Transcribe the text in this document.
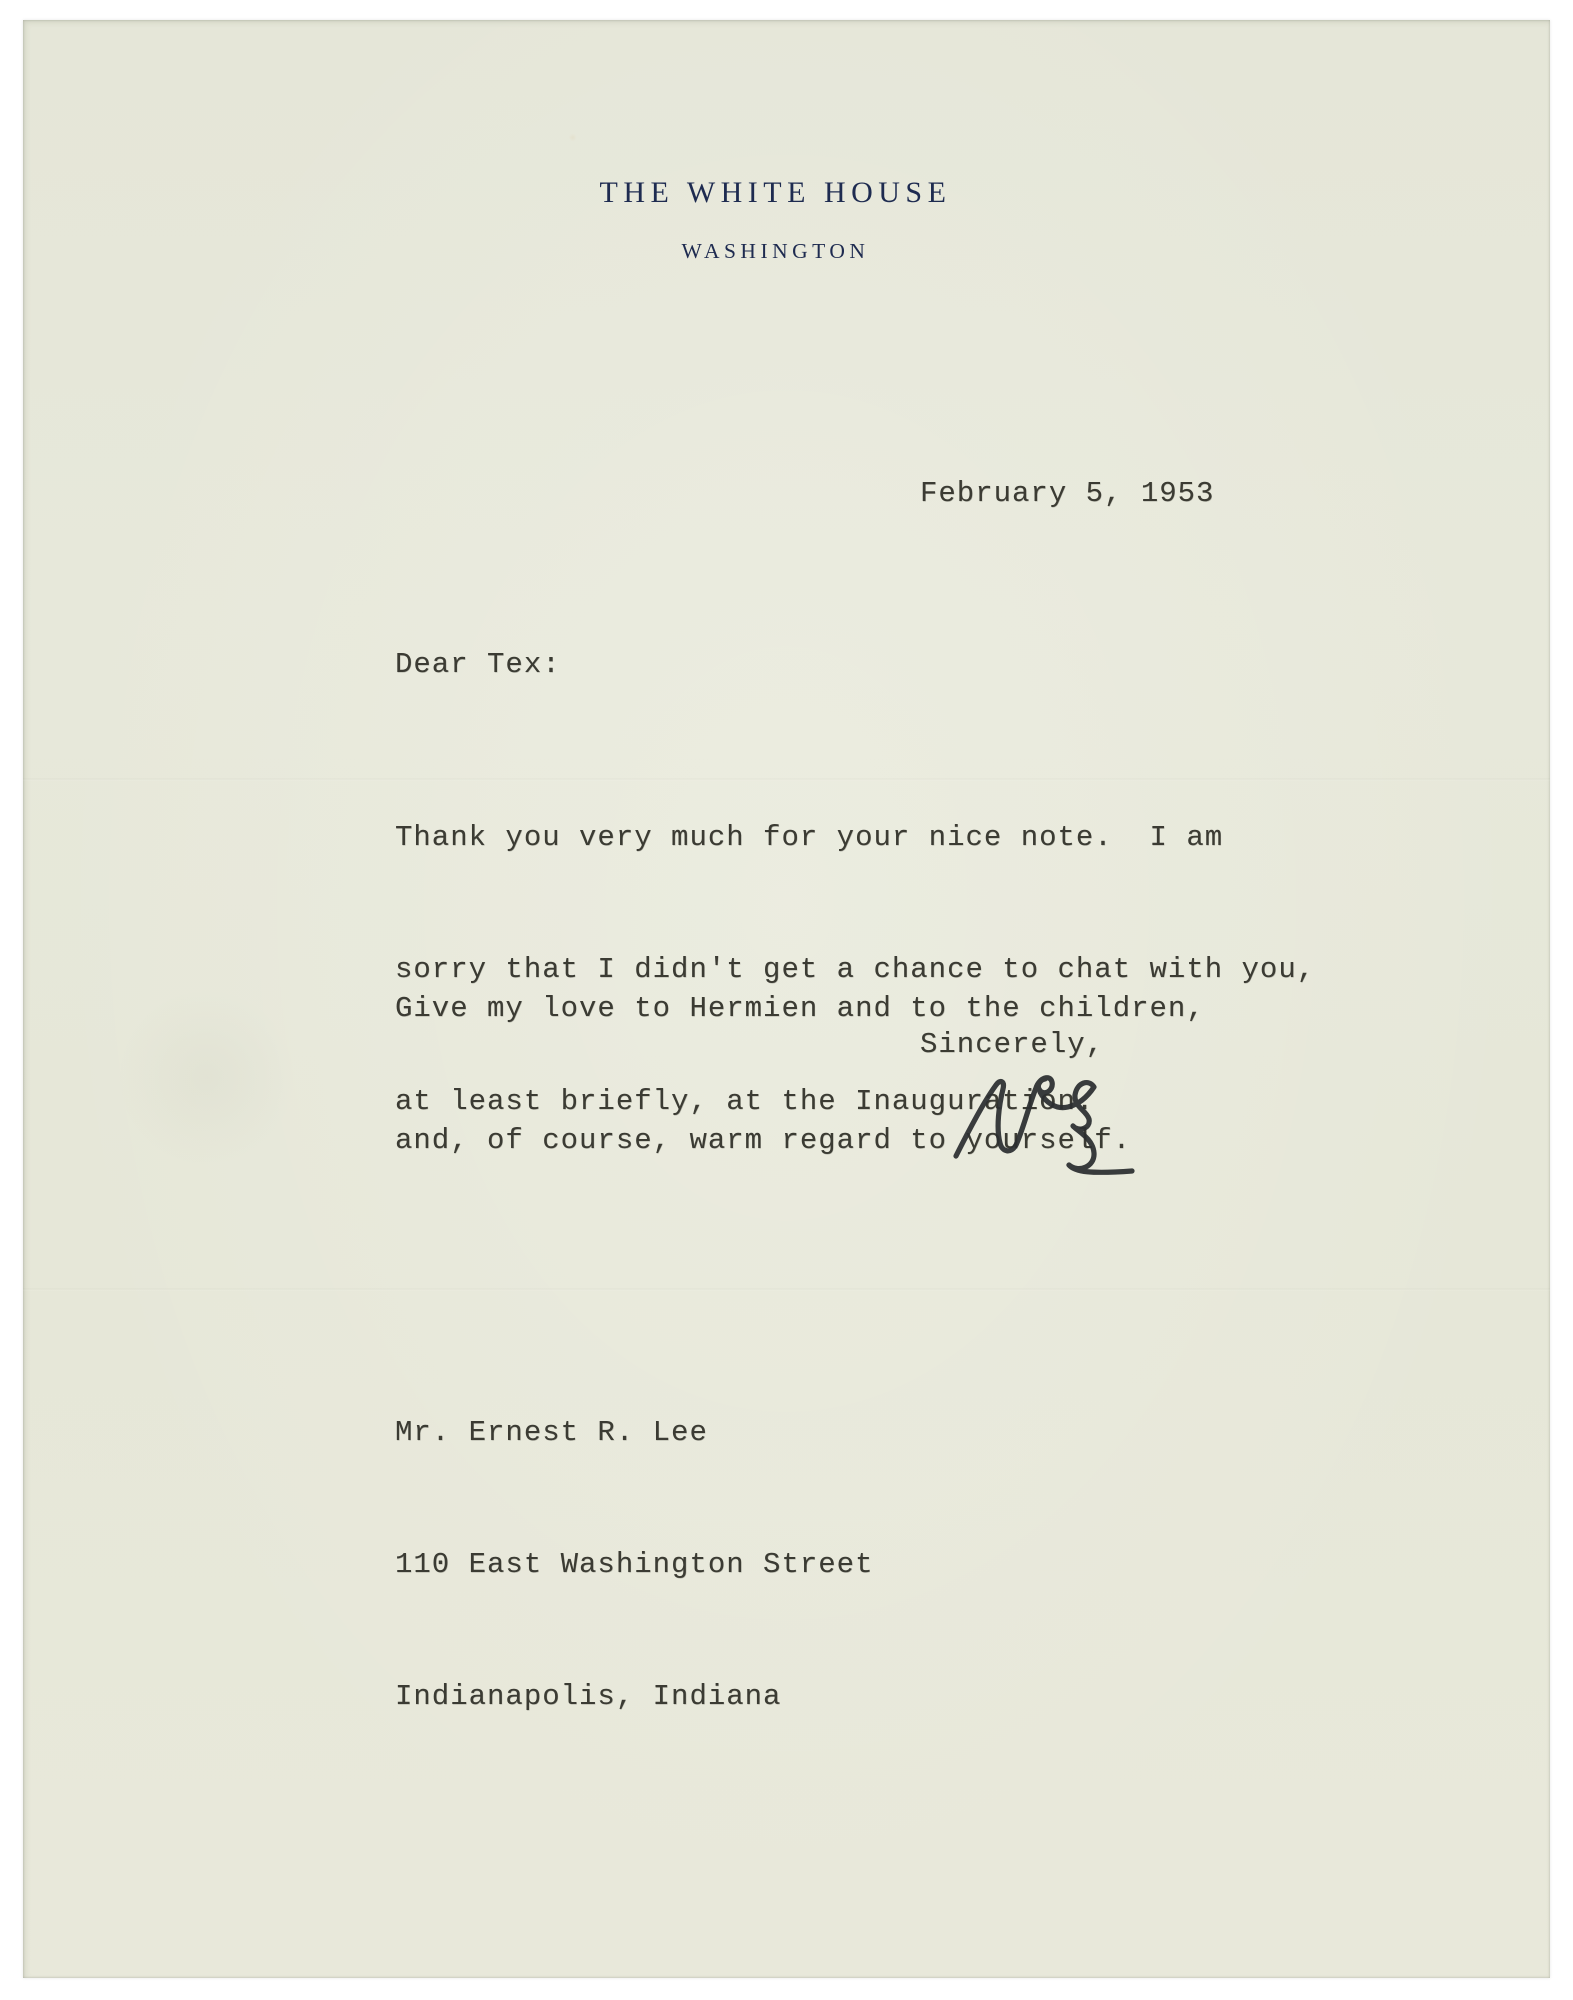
THE WHITE HOUSE
WASHINGTON
February 5, 1953
Dear Tex:

Thank you very much for your nice note.  I am

sorry that I didn't get a chance to chat with you,

at least briefly, at the Inauguration.

Give my love to Hermien and to the children,

and, of course, warm regard to yourself.

Sincerely,

Mr. Ernest R. Lee

110 East Washington Street

Indianapolis, Indiana
